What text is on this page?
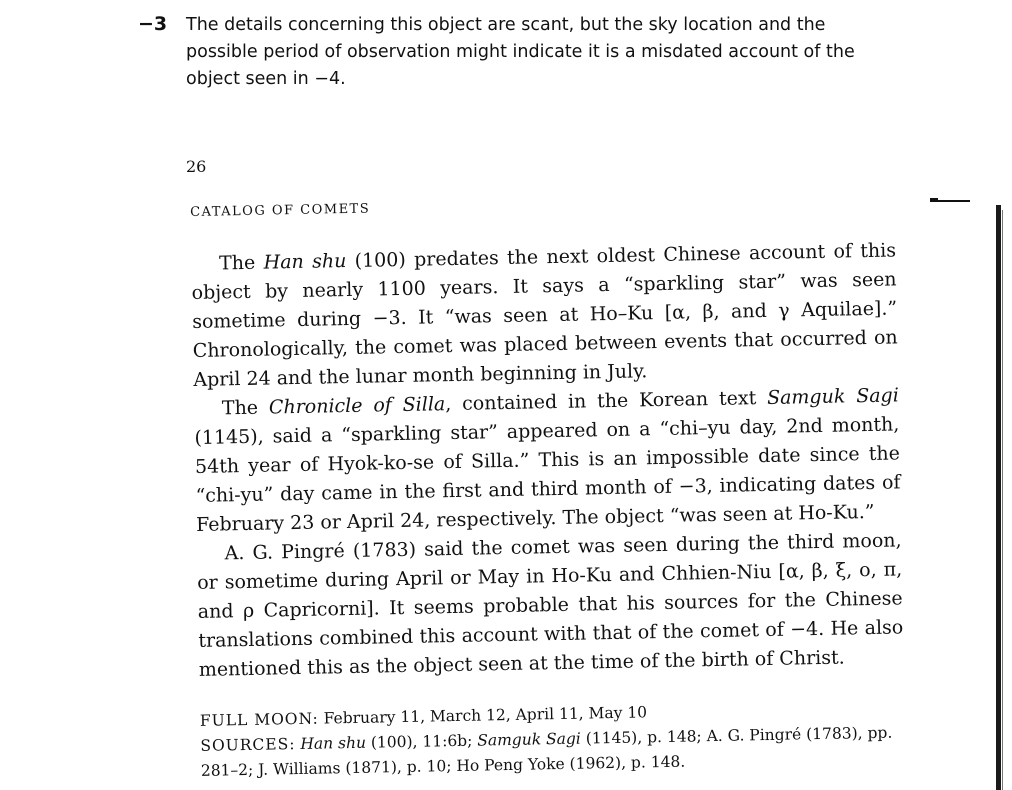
−3 The details concerning this object are scant, but the sky location and the possible period of observation might indicate it is a misdated account of the object seen in −4.
26
CATALOG OF COMETS

The Han shu (100) predates the next oldest Chinese account of this object by nearly 1100 years. It says a “sparkling star” was seen sometime during −3. It “was seen at Ho–Ku [α, β, and γ Aquilae].” Chronologically, the comet was placed between events that occurred on April 24 and the lunar month beginning in July.

The Chronicle of Silla, contained in the Korean text Samguk Sagi (1145), said a “sparkling star” appeared on a “chi–yu day, 2nd month, 54th year of Hyok-ko-se of Silla.” This is an impossible date since the “chi-yu” day came in the first and third month of −3, indicating dates of February 23 or April 24, respectively. The object “was seen at Ho-Ku.”

A. G. Pingré (1783) said the comet was seen during the third moon, or sometime during April or May in Ho-Ku and Chhien-Niu [α, β, ξ, o, π, and ρ Capricorni]. It seems probable that his sources for the Chinese translations combined this account with that of the comet of −4. He also mentioned this as the object seen at the time of the birth of Christ.

FULL MOON: February 11, March 12, April 11, May 10

SOURCES: Han shu (100), 11:6b; Samguk Sagi (1145), p. 148; A. G. Pingré (1783), pp. 281–2; J. Williams (1871), p. 10; Ho Peng Yoke (1962), p. 148.
